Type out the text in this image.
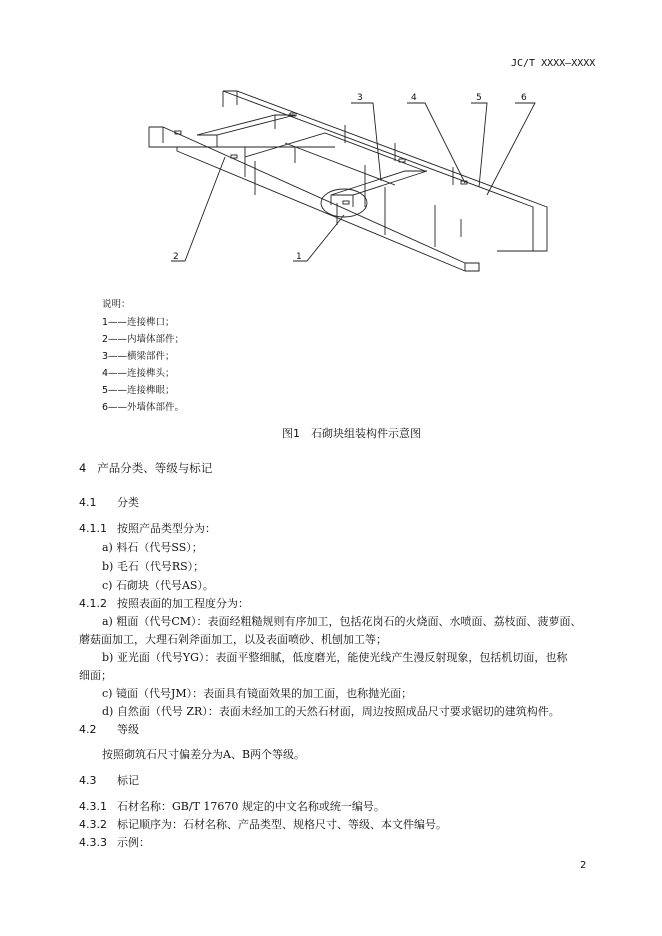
JC/T XXXX—XXXX
1
2
3	4	5	6
说明：
1——连接榫口；
2——内墙体部件；
3——横梁部件；
4——连接榫头；
5——连接榫眼；
6——外墙体部件。
图1　石砌块组装构件示意图
4 产品分类、等级与标记
4.1 分类
4.1.1 按照产品类型分为：
a) 料石（代号SS）；
b) 毛石（代号RS）；
c) 石砌块（代号AS）。
4.1.2 按照表面的加工程度分为：
a) 粗面（代号CM）：表面经粗糙规则有序加工，包括花岗石的火烧面、水喷面、荔枝面、菠萝面、
蘑菇面加工，大理石剁斧面加工，以及表面喷砂、机刨加工等；
b) 亚光面（代号YG）：表面平整细腻，低度磨光，能使光线产生漫反射现象，包括机切面，也称
细面；
c) 镜面（代号JM）：表面具有镜面效果的加工面，也称抛光面；
d) 自然面（代号 ZR）：表面未经加工的天然石材面，周边按照成品尺寸要求锯切的建筑构件。
4.2 等级
按照砌筑石尺寸偏差分为A、B两个等级。
4.3 标记
4.3.1 石材名称：GB/T 17670 规定的中文名称或统一编号。
4.3.2 标记顺序为：石材名称、产品类型、规格尺寸、等级、本文件编号。
4.3.3 示例：
2
